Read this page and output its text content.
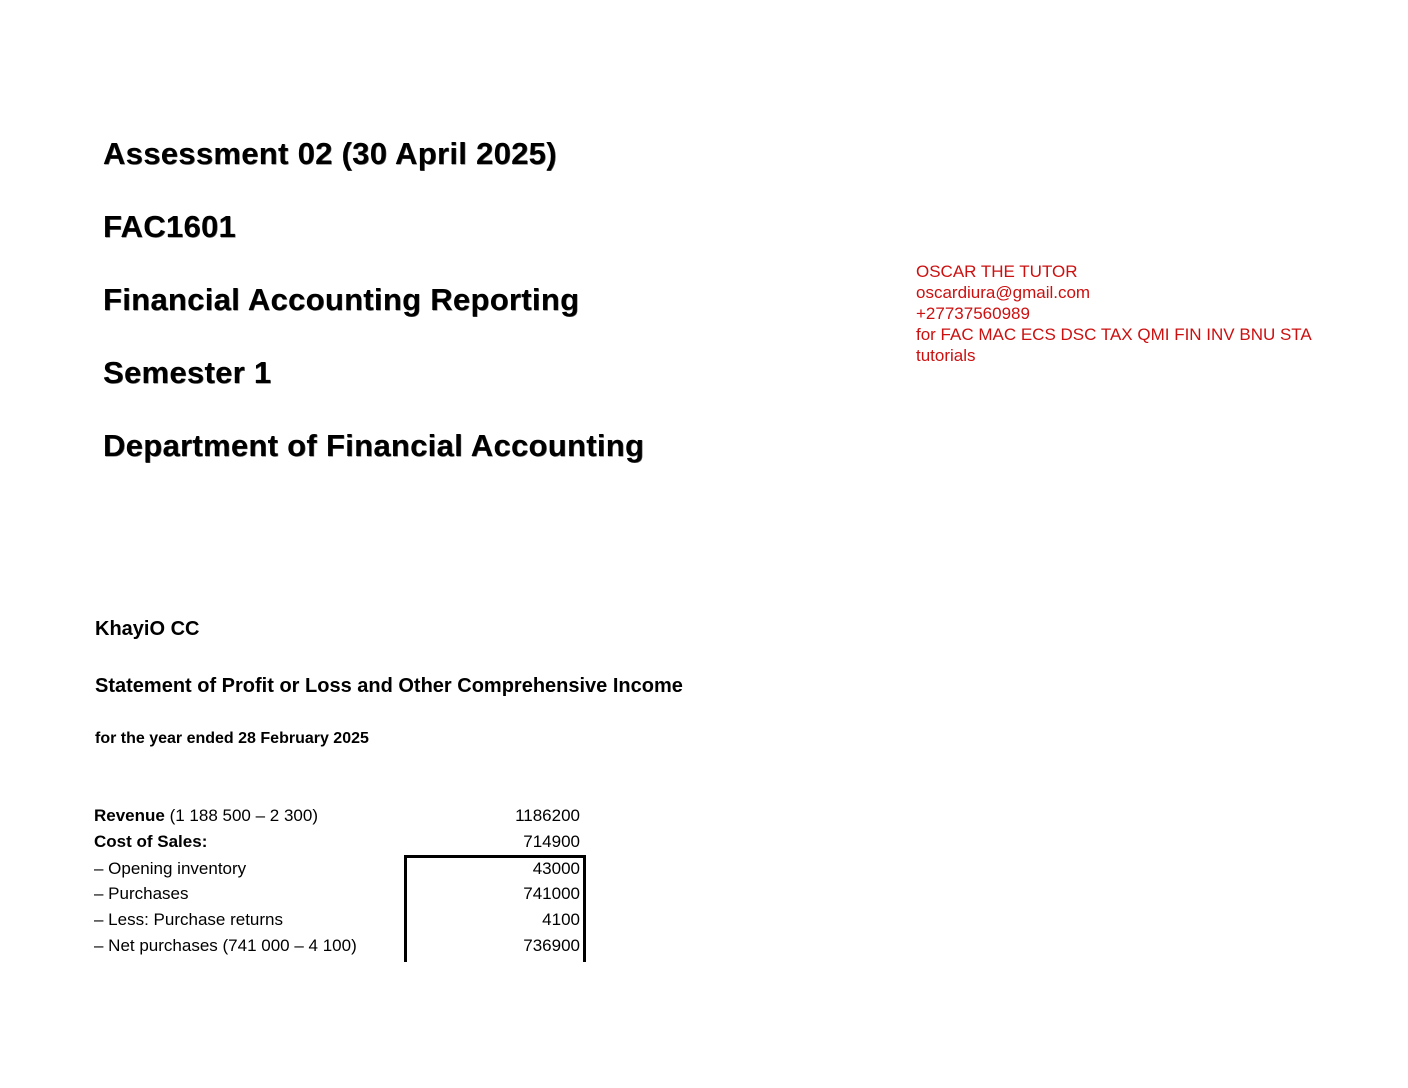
Assessment 02 (30 April 2025)
FAC1601
Financial Accounting Reporting
Semester 1
Department of Financial Accounting
OSCAR THE TUTOR
oscardiura@gmail.com
+27737560989
for FAC MAC ECS DSC TAX QMI FIN INV BNU STA
tutorials
KhayiO CC
Statement of Profit or Loss and Other Comprehensive Income
for the year ended 28 February 2025
Revenue (1 188 500 – 2 300)	1186200
Cost of Sales:	714900
– Opening inventory	43000
– Purchases	741000
– Less: Purchase returns	4100
– Net purchases (741 000 – 4 100)	736900
